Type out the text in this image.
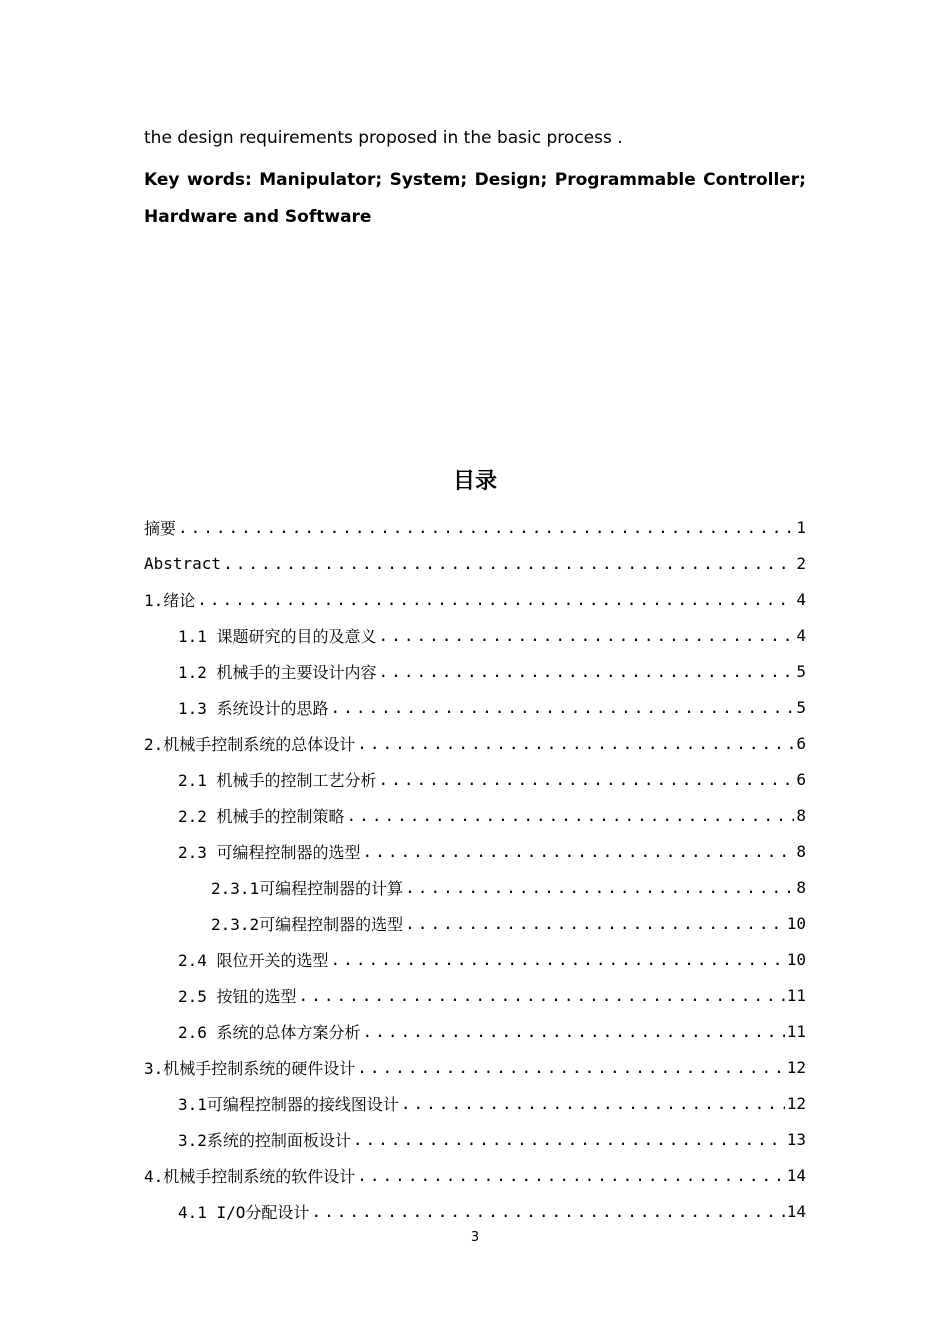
the design requirements proposed in the basic process .
Key words: Manipulator; System; Design; Programmable Controller; Hardware and Software
目录
摘要 .....	1
Abstract .....	2
1.绪论 .....	4
1.1 课题研究的目的及意义 .....	4
1.2 机械手的主要设计内容 .....	5
1.3 系统设计的思路 .....	5
2.机械手控制系统的总体设计 .....	6
2.1 机械手的控制工艺分析 .....	6
2.2 机械手的控制策略 .....	8
2.3 可编程控制器的选型 .....	8
2.3.1可编程控制器的计算 .....	8
2.3.2可编程控制器的选型 .....	10
2.4 限位开关的选型 .....	10
2.5 按钮的选型 .....	11
2.6 系统的总体方案分析 .....	11
3.机械手控制系统的硬件设计 .....	12
3.1可编程控制器的接线图设计 .....	12
3.2系统的控制面板设计 .....	13
4.机械手控制系统的软件设计 .....	14
4.1 I/O分配设计 .....	14
3
